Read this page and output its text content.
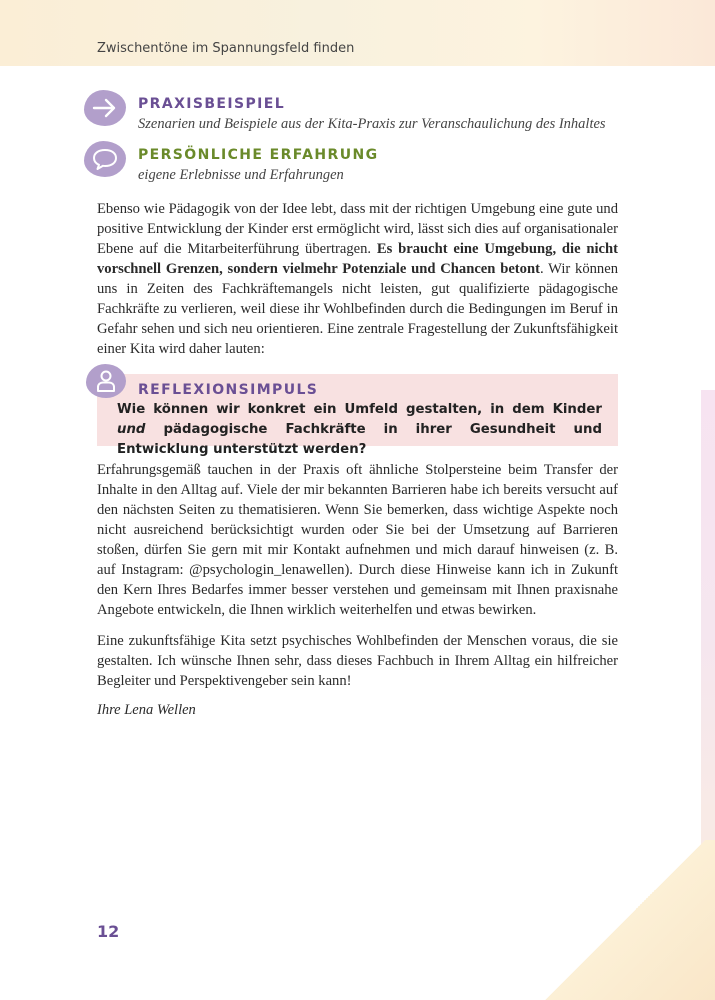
Zwischentöne im Spannungsfeld finden
PRAXISBEISPIEL
Szenarien und Beispiele aus der Kita-Praxis zur Veranschaulichung des Inhaltes
PERSÖNLICHE ERFAHRUNG
eigene Erlebnisse und Erfahrungen

Ebenso wie Pädagogik von der Idee lebt, dass mit der richtigen Umgebung eine gute und positive Entwicklung der Kinder erst ermöglicht wird, lässt sich dies auf organisationaler Ebene auf die Mitarbeiterführung übertragen. Es braucht eine Umgebung, die nicht vorschnell Grenzen, sondern vielmehr Potenziale und Chancen betont. Wir können uns in Zeiten des Fachkräftemangels nicht leisten, gut qualifizierte pädagogische Fachkräfte zu verlieren, weil diese ihr Wohlbefinden durch die Bedingungen im Beruf in Gefahr sehen und sich neu orientieren. Eine zentrale Fragestellung der Zukunftsfähigkeit einer Kita wird daher lauten:

REFLEXIONSIMPULS

Wie können wir konkret ein Umfeld gestalten, in dem Kinder und pädagogische Fachkräfte in ihrer Gesundheit und Entwicklung unterstützt werden?

Erfahrungsgemäß tauchen in der Praxis oft ähnliche Stolpersteine beim Transfer der Inhalte in den Alltag auf. Viele der mir bekannten Barrieren habe ich bereits versucht auf den nächsten Seiten zu thematisieren. Wenn Sie bemerken, dass wichtige Aspekte noch nicht ausreichend berücksichtigt wurden oder Sie bei der Umsetzung auf Barrieren stoßen, dürfen Sie gern mit mir Kontakt aufnehmen und mich darauf hinweisen (z. B. auf Instagram: @psychologin_lenawellen). Durch diese Hinweise kann ich in Zukunft den Kern Ihres Bedarfes immer besser verstehen und gemeinsam mit Ihnen praxisnahe Angebote entwickeln, die Ihnen wirklich weiterhelfen und etwas bewirken.

Eine zukunftsfähige Kita setzt psychisches Wohlbefinden der Menschen voraus, die sie gestalten. Ich wünsche Ihnen sehr, dass dieses Fachbuch in Ihrem Alltag ein hilfreicher Begleiter und Perspektivengeber sein kann!

Ihre Lena Wellen
12
